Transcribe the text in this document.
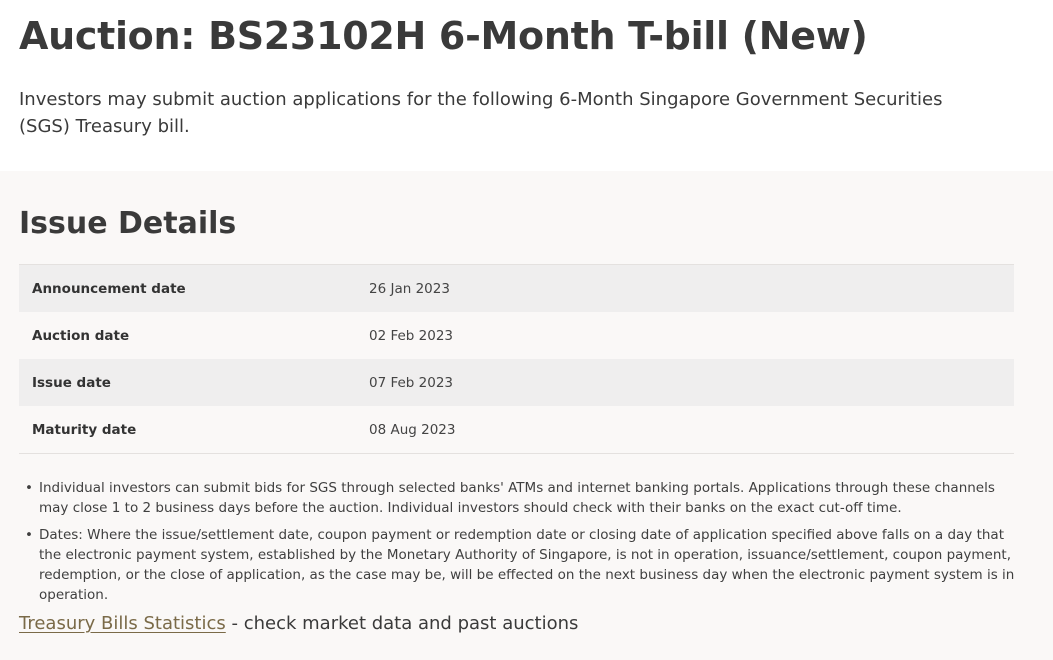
Auction: BS23102H 6-Month T-bill (New)

Investors may submit auction applications for the following 6-Month Singapore Government Securities (SGS) Treasury bill.

Issue Details
Announcement date	26 Jan 2023
Auction date	02 Feb 2023
Issue date	07 Feb 2023
Maturity date	08 Aug 2023
• Individual investors can submit bids for SGS through selected banks' ATMs and internet banking portals. Applications through these channels may close 1 to 2 business days before the auction. Individual investors should check with their banks on the exact cut-off time.
• Dates: Where the issue/settlement date, coupon payment or redemption date or closing date of application specified above falls on a day that the electronic payment system, established by the Monetary Authority of Singapore, is not in operation, issuance/settlement, coupon payment, redemption, or the close of application, as the case may be, will be effected on the next business day when the electronic payment system is in operation.

Treasury Bills Statistics - check market data and past auctions
